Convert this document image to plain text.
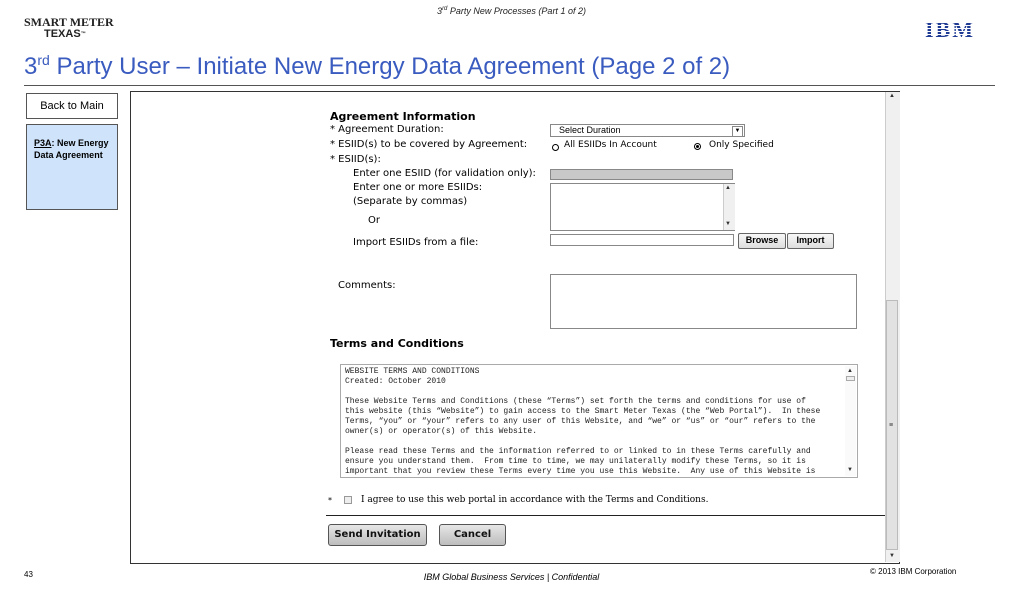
3rd Party New Processes (Part 1 of 2)
SMART METER
TEXAS™	IBM
3rd Party User – Initiate New Energy Data Agreement (Page 2 of 2)
Back to Main
P3A: New Energy Data Agreement
▲
▼
≡
Agreement Information
* Agreement Duration:	Select Duration	▼
* ESIID(s) to be covered by Agreement:	All ESIIDs In Account	Only Specified
* ESIID(s):
Enter one ESIID (for validation only):
Enter one or more ESIIDs:
(Separate by commas)
▲
▼
Or
Import ESIIDs from a file:	Browse	Import
Comments:
Terms and Conditions
WEBSITE TERMS AND CONDITIONS
Created: October 2010

These Website Terms and Conditions (these “Terms”) set forth the terms and conditions for use of
this website (this “Website”) to gain access to the Smart Meter Texas (the “Web Portal”).  In these
Terms, “you” or “your” refers to any user of this Website, and “we” or “us” or “our” refers to the
owner(s) or operator(s) of this Website.

Please read these Terms and the information referred to or linked to in these Terms carefully and
ensure you understand them.  From time to time, we may unilaterally modify these Terms, so it is
important that you review these Terms every time you use this Website.  Any use of this Website is
▲
▼
*	I agree to use this web portal in accordance with the Terms and Conditions.
Send Invitation	Cancel
43	IBM Global Business Services | Confidential
© 2013 IBM Corporation
